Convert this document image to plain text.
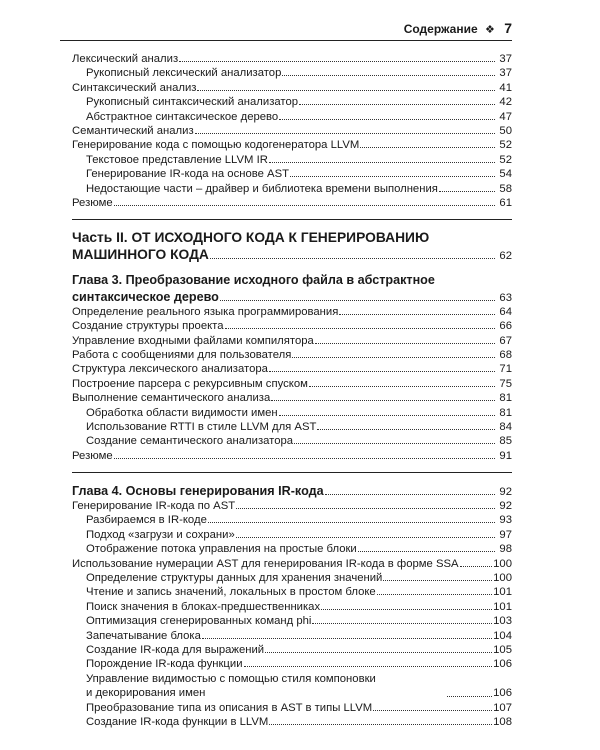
Содержание ❖ 7
Лексический анализ	37
Рукописный лексический анализатор	37
Синтаксический анализ	41
Рукописный синтаксический анализатор	42
Абстрактное синтаксическое дерево	47
Семантический анализ	50
Генерирование кода с помощью кодогенератора LLVM	52
Текстовое представление LLVM IR	52
Генерирование IR-кода на основе AST	54
Недостающие части – драйвер и библиотека времени выполнения	58
Резюме	61
Часть II. ОТ ИСХОДНОГО КОДА К ГЕНЕРИРОВАНИЮ
МАШИННОГО КОДА	62
Глава 3. Преобразование исходного файла в абстрактное
синтаксическое дерево	63
Определение реального языка программирования	64
Создание структуры проекта	66
Управление входными файлами компилятора	67
Работа с сообщениями для пользователя	68
Структура лексического анализатора	71
Построение парсера с рекурсивным спуском	75
Выполнение семантического анализа	81
Обработка области видимости имен	81
Использование RTTI в стиле LLVM для AST	84
Создание семантического анализатора	85
Резюме	91
Глава 4. Основы генерирования IR-кода	92
Генерирование IR-кода по AST	92
Разбираемся в IR-коде	93
Подход «загрузи и сохрани»	97
Отображение потока управления на простые блоки	98
Использование нумерации AST для генерирования IR-кода в форме SSA	100
Определение структуры данных для хранения значений	100
Чтение и запись значений, локальных в простом блоке	101
Поиск значения в блоках-предшественниках	101
Оптимизация сгенерированных команд phi	103
Запечатывание блока	104
Создание IR-кода для выражений	105
Порождение IR-кода функции	106
Управление видимостью с помощью стиля компоновки
и декорирования имен	106
Преобразование типа из описания в AST в типы LLVM	107
Создание IR-кода функции в LLVM	108
